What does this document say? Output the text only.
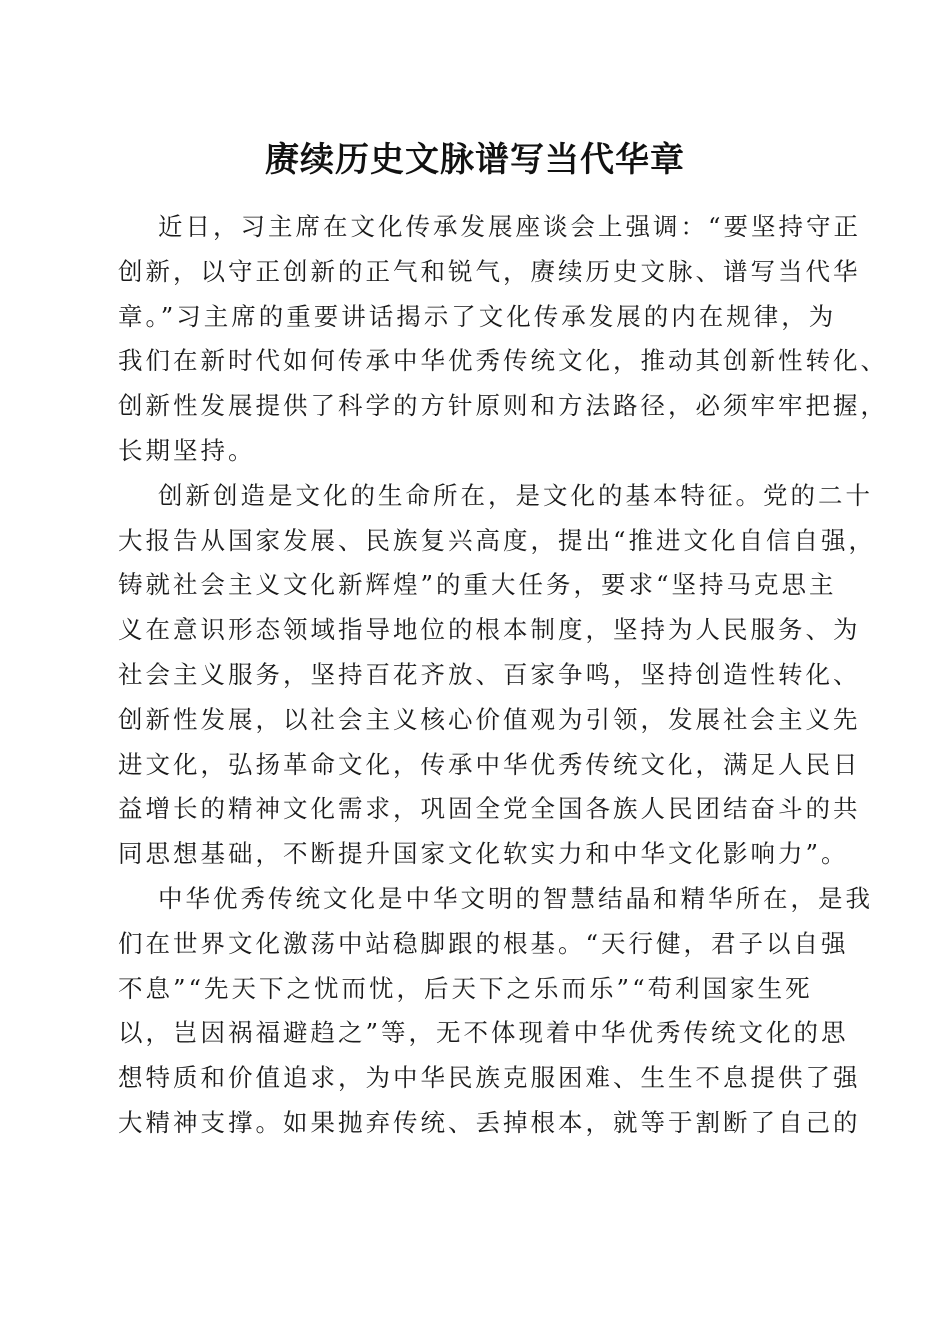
赓续历史文脉谱写当代华章
近日，习主席在文化传承发展座谈会上强调：“要坚持守正
创新，以守正创新的正气和锐气，赓续历史文脉、谱写当代华
章。”习主席的重要讲话揭示了文化传承发展的内在规律，为
我们在新时代如何传承中华优秀传统文化，推动其创新性转化、
创新性发展提供了科学的方针原则和方法路径，必须牢牢把握，
长期坚持。
创新创造是文化的生命所在，是文化的基本特征。党的二十
大报告从国家发展、民族复兴高度，提出“推进文化自信自强，
铸就社会主义文化新辉煌”的重大任务，要求“坚持马克思主
义在意识形态领域指导地位的根本制度，坚持为人民服务、为
社会主义服务，坚持百花齐放、百家争鸣，坚持创造性转化、
创新性发展，以社会主义核心价值观为引领，发展社会主义先
进文化，弘扬革命文化，传承中华优秀传统文化，满足人民日
益增长的精神文化需求，巩固全党全国各族人民团结奋斗的共
同思想基础，不断提升国家文化软实力和中华文化影响力”。
中华优秀传统文化是中华文明的智慧结晶和精华所在，是我
们在世界文化激荡中站稳脚跟的根基。“天行健，君子以自强
不息”“先天下之忧而忧，后天下之乐而乐”“苟利国家生死
以，岂因祸福避趋之”等，无不体现着中华优秀传统文化的思
想特质和价值追求，为中华民族克服困难、生生不息提供了强
大精神支撑。如果抛弃传统、丢掉根本，就等于割断了自己的
